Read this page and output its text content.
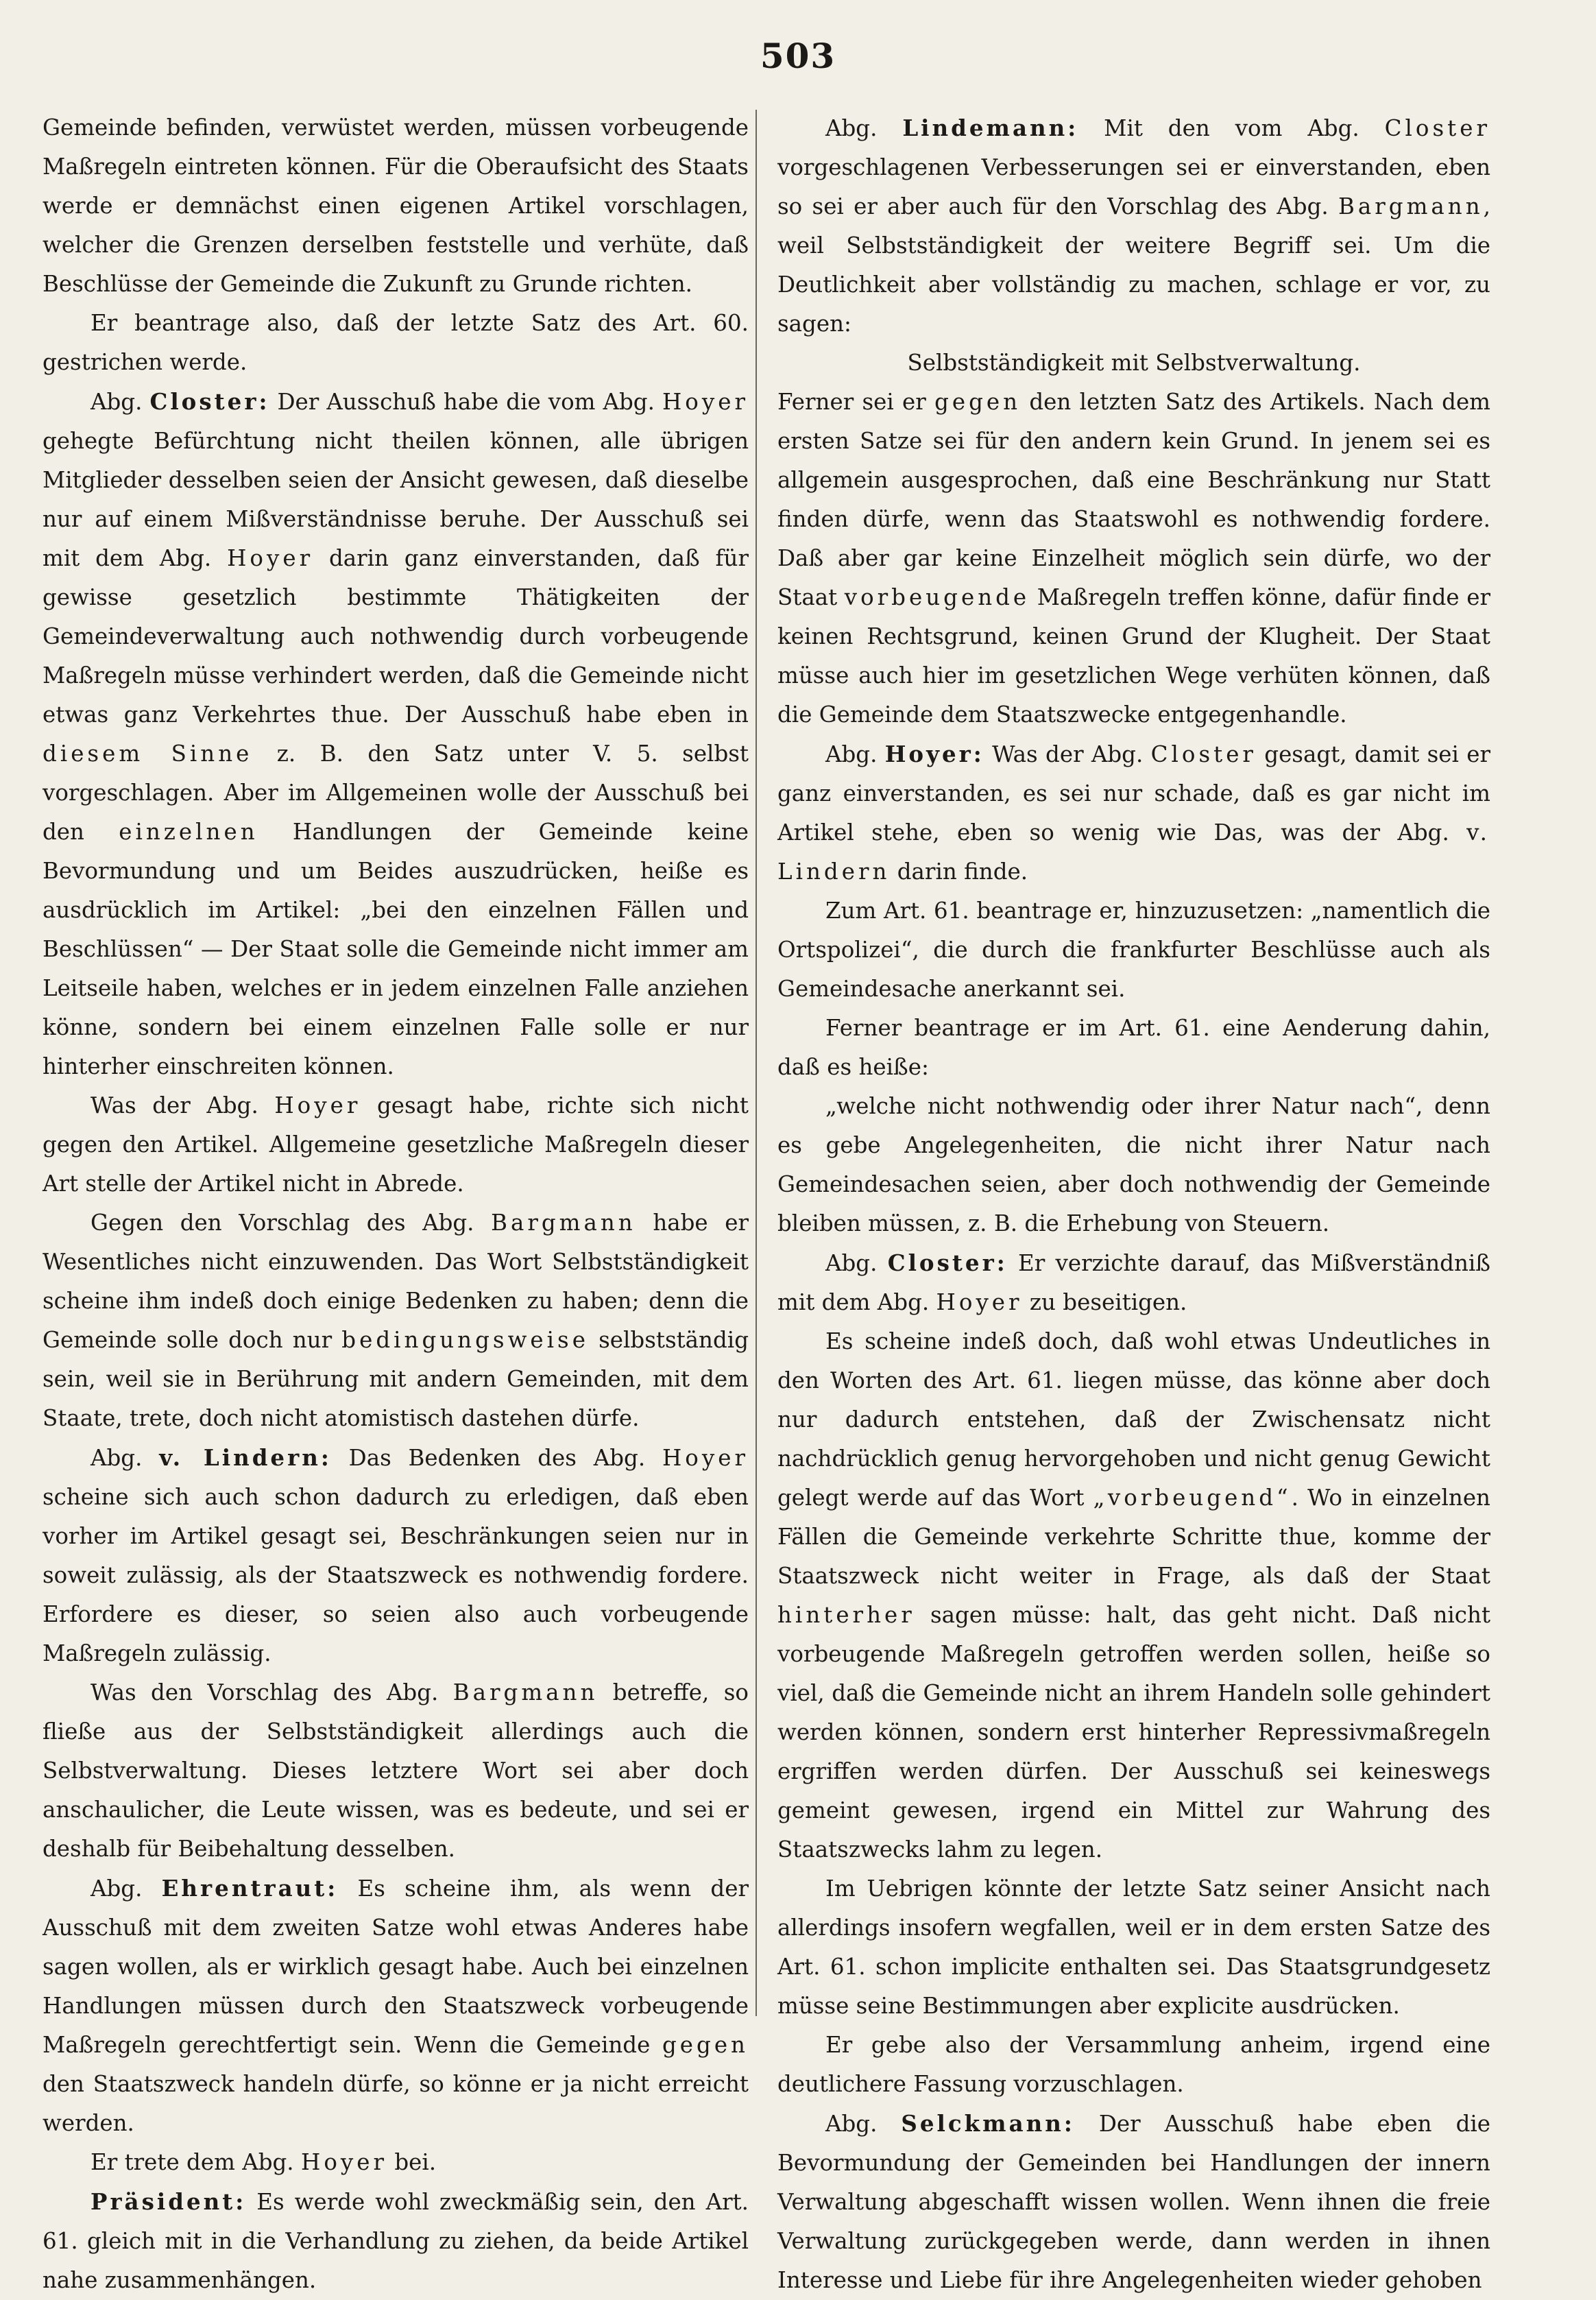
503

Gemeinde befinden, verwüstet werden, müssen vorbeugende Maßregeln eintreten können. Für die Oberaufsicht des Staats werde er demnächst einen eigenen Artikel vorschlagen, welcher die Grenzen derselben feststelle und verhüte, daß Beschlüsse der Gemeinde die Zukunft zu Grunde richten.

Er beantrage also, daß der letzte Satz des Art. 60. gestrichen werde.

Abg. Closter: Der Ausschuß habe die vom Abg. Hoyer gehegte Befürchtung nicht theilen können, alle übrigen Mitglieder desselben seien der Ansicht gewesen, daß dieselbe nur auf einem Mißverständnisse beruhe. Der Ausschuß sei mit dem Abg. Hoyer darin ganz einverstanden, daß für gewisse gesetzlich bestimmte Thätigkeiten der Gemeindeverwaltung auch nothwendig durch vorbeugende Maßregeln müsse verhindert werden, daß die Gemeinde nicht etwas ganz Verkehrtes thue. Der Ausschuß habe eben in diesem Sinne z. B. den Satz unter V. 5. selbst vorgeschlagen. Aber im Allgemeinen wolle der Ausschuß bei den einzelnen Handlungen der Gemeinde keine Bevormundung und um Beides auszudrücken, heiße es ausdrücklich im Artikel: „bei den einzelnen Fällen und Beschlüssen“ — Der Staat solle die Gemeinde nicht immer am Leitseile haben, welches er in jedem einzelnen Falle anziehen könne, sondern bei einem einzelnen Falle solle er nur hinterher einschreiten können.

Was der Abg. Hoyer gesagt habe, richte sich nicht gegen den Artikel. Allgemeine gesetzliche Maßregeln dieser Art stelle der Artikel nicht in Abrede.

Gegen den Vorschlag des Abg. Bargmann habe er Wesentliches nicht einzuwenden. Das Wort Selbstständigkeit scheine ihm indeß doch einige Bedenken zu haben; denn die Gemeinde solle doch nur bedingungsweise selbstständig sein, weil sie in Berührung mit andern Gemeinden, mit dem Staate, trete, doch nicht atomistisch dastehen dürfe.

Abg. v. Lindern: Das Bedenken des Abg. Hoyer scheine sich auch schon dadurch zu erledigen, daß eben vorher im Artikel gesagt sei, Beschränkungen seien nur in soweit zulässig, als der Staatszweck es nothwendig fordere. Erfordere es dieser, so seien also auch vorbeugende Maßregeln zulässig.

Was den Vorschlag des Abg. Bargmann betreffe, so fließe aus der Selbstständigkeit allerdings auch die Selbstverwaltung. Dieses letztere Wort sei aber doch anschaulicher, die Leute wissen, was es bedeute, und sei er deshalb für Beibehaltung desselben.

Abg. Ehrentraut: Es scheine ihm, als wenn der Ausschuß mit dem zweiten Satze wohl etwas Anderes habe sagen wollen, als er wirklich gesagt habe. Auch bei einzelnen Handlungen müssen durch den Staatszweck vorbeugende Maßregeln gerechtfertigt sein. Wenn die Gemeinde gegen den Staatszweck handeln dürfe, so könne er ja nicht erreicht werden.

Er trete dem Abg. Hoyer bei.

Präsident: Es werde wohl zweckmäßig sein, den Art. 61. gleich mit in die Verhandlung zu ziehen, da beide Artikel nahe zusammenhängen.

Abg. Lindemann: Mit den vom Abg. Closter vorgeschlagenen Verbesserungen sei er einverstanden, eben so sei er aber auch für den Vorschlag des Abg. Bargmann, weil Selbstständigkeit der weitere Begriff sei. Um die Deutlichkeit aber vollständig zu machen, schlage er vor, zu sagen:

Selbstständigkeit mit Selbstverwaltung.

Ferner sei er gegen den letzten Satz des Artikels. Nach dem ersten Satze sei für den andern kein Grund. In jenem sei es allgemein ausgesprochen, daß eine Beschränkung nur Statt finden dürfe, wenn das Staatswohl es nothwendig fordere. Daß aber gar keine Einzelheit möglich sein dürfe, wo der Staat vorbeugende Maßregeln treffen könne, dafür finde er keinen Rechtsgrund, keinen Grund der Klugheit. Der Staat müsse auch hier im gesetzlichen Wege verhüten können, daß die Gemeinde dem Staatszwecke entgegenhandle.

Abg. Hoyer: Was der Abg. Closter gesagt, damit sei er ganz einverstanden, es sei nur schade, daß es gar nicht im Artikel stehe, eben so wenig wie Das, was der Abg. v. Lindern darin finde.

Zum Art. 61. beantrage er, hinzuzusetzen: „namentlich die Ortspolizei“, die durch die frankfurter Beschlüsse auch als Gemeindesache anerkannt sei.

Ferner beantrage er im Art. 61. eine Aenderung dahin, daß es heiße:

„welche nicht nothwendig oder ihrer Natur nach“, denn es gebe Angelegenheiten, die nicht ihrer Natur nach Gemeindesachen seien, aber doch nothwendig der Gemeinde bleiben müssen, z. B. die Erhebung von Steuern.

Abg. Closter: Er verzichte darauf, das Mißverständniß mit dem Abg. Hoyer zu beseitigen.

Es scheine indeß doch, daß wohl etwas Undeutliches in den Worten des Art. 61. liegen müsse, das könne aber doch nur dadurch entstehen, daß der Zwischensatz nicht nachdrücklich genug hervorgehoben und nicht genug Gewicht gelegt werde auf das Wort „vorbeugend“. Wo in einzelnen Fällen die Gemeinde verkehrte Schritte thue, komme der Staatszweck nicht weiter in Frage, als daß der Staat hinterher sagen müsse: halt, das geht nicht. Daß nicht vorbeugende Maßregeln getroffen werden sollen, heiße so viel, daß die Gemeinde nicht an ihrem Handeln solle gehindert werden können, sondern erst hinterher Repressivmaßregeln ergriffen werden dürfen. Der Ausschuß sei keineswegs gemeint gewesen, irgend ein Mittel zur Wahrung des Staatszwecks lahm zu legen.

Im Uebrigen könnte der letzte Satz seiner Ansicht nach allerdings insofern wegfallen, weil er in dem ersten Satze des Art. 61. schon implicite enthalten sei. Das Staatsgrundgesetz müsse seine Bestimmungen aber explicite ausdrücken.

Er gebe also der Versammlung anheim, irgend eine deutlichere Fassung vorzuschlagen.

Abg. Selckmann: Der Ausschuß habe eben die Bevormundung der Gemeinden bei Handlungen der innern Verwaltung abgeschafft wissen wollen. Wenn ihnen die freie Verwaltung zurückgegeben werde, dann werden in ihnen Interesse und Liebe für ihre Angelegenheiten wieder gehoben
